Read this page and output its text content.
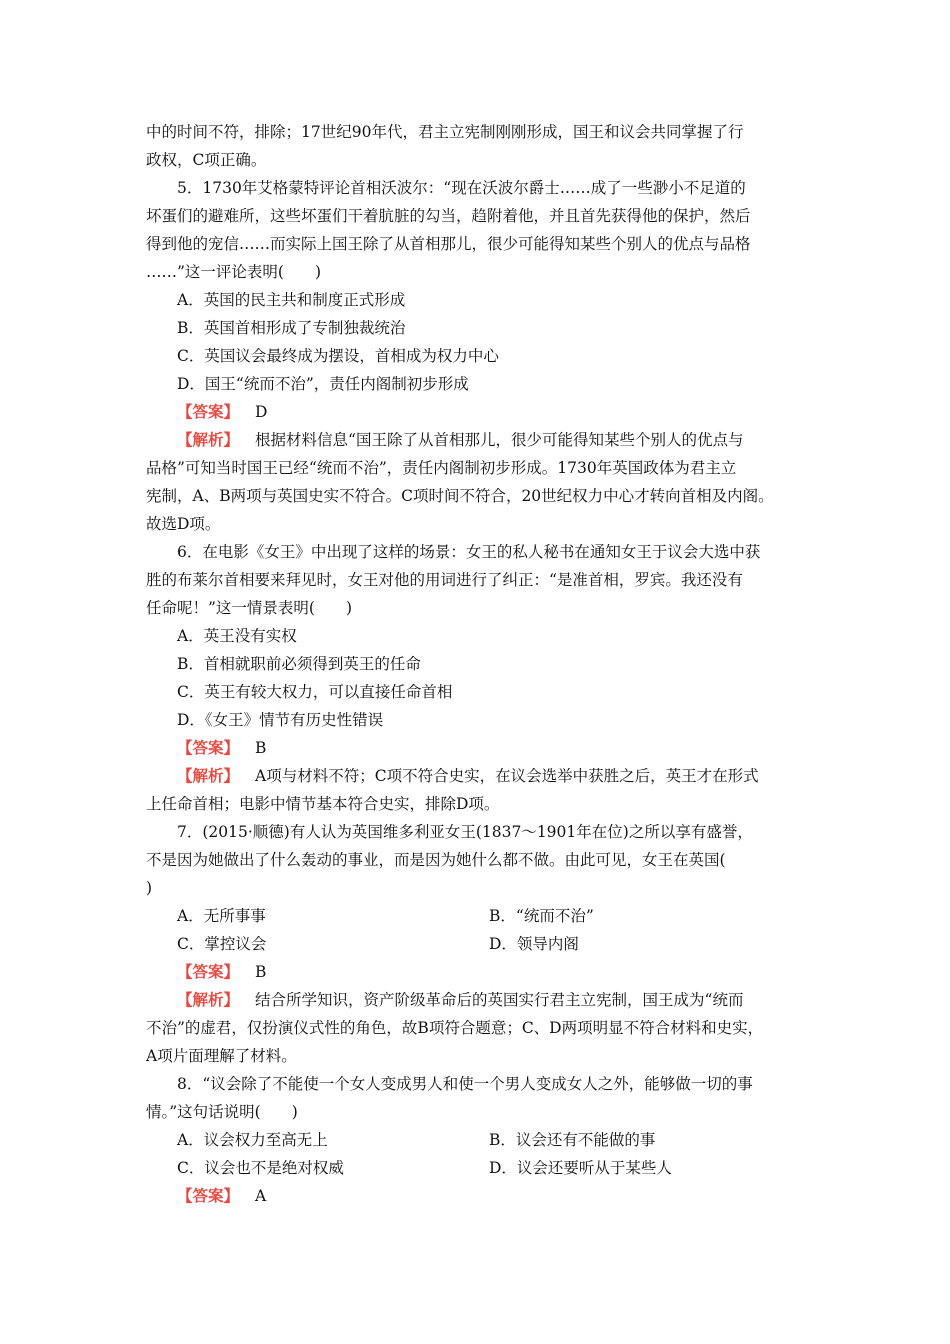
中的时间不符，排除；17世纪90年代，君主立宪制刚刚形成，国王和议会共同掌握了行
政权，C项正确。
5．1730年艾格蒙特评论首相沃波尔：“现在沃波尔爵士……成了一些渺小不足道的
坏蛋们的避难所，这些坏蛋们干着肮脏的勾当，趋附着他，并且首先获得他的保护，然后
得到他的宠信……而实际上国王除了从首相那儿，很少可能得知某些个别人的优点与品格
……”这一评论表明(　　)
A．英国的民主共和制度正式形成
B．英国首相形成了专制独裁统治
C．英国议会最终成为摆设，首相成为权力中心
D．国王“统而不治”，责任内阁制初步形成
【答案】 D
【解析】 根据材料信息“国王除了从首相那儿，很少可能得知某些个别人的优点与
品格”可知当时国王已经“统而不治”，责任内阁制初步形成。1730年英国政体为君主立
宪制，A、B两项与英国史实不符合。C项时间不符合，20世纪权力中心才转向首相及内阁。
故选D项。
6．在电影《女王》中出现了这样的场景：女王的私人秘书在通知女王于议会大选中获
胜的布莱尔首相要来拜见时，女王对他的用词进行了纠正：“是准首相，罗宾。我还没有
任命呢！”这一情景表明(　　)
A．英王没有实权
B．首相就职前必须得到英王的任命
C．英王有较大权力，可以直接任命首相
D．《女王》情节有历史性错误
【答案】 B
【解析】 A项与材料不符；C项不符合史实，在议会选举中获胜之后，英王才在形式
上任命首相；电影中情节基本符合史实，排除D项。
7．(2015·顺德)有人认为英国维多利亚女王(1837～1901年在位)之所以享有盛誉，
不是因为她做出了什么轰动的事业，而是因为她什么都不做。由此可见，女王在英国(
)
A．无所事事	B．“统而不治”
C．掌控议会	D．领导内阁
【答案】 B
【解析】 结合所学知识，资产阶级革命后的英国实行君主立宪制，国王成为“统而
不治”的虚君，仅扮演仪式性的角色，故B项符合题意；C、D两项明显不符合材料和史实，
A项片面理解了材料。
8．“议会除了不能使一个女人变成男人和使一个男人变成女人之外，能够做一切的事
情。”这句话说明(　　)
A．议会权力至高无上	B．议会还有不能做的事
C．议会也不是绝对权威	D．议会还要听从于某些人
【答案】 A
